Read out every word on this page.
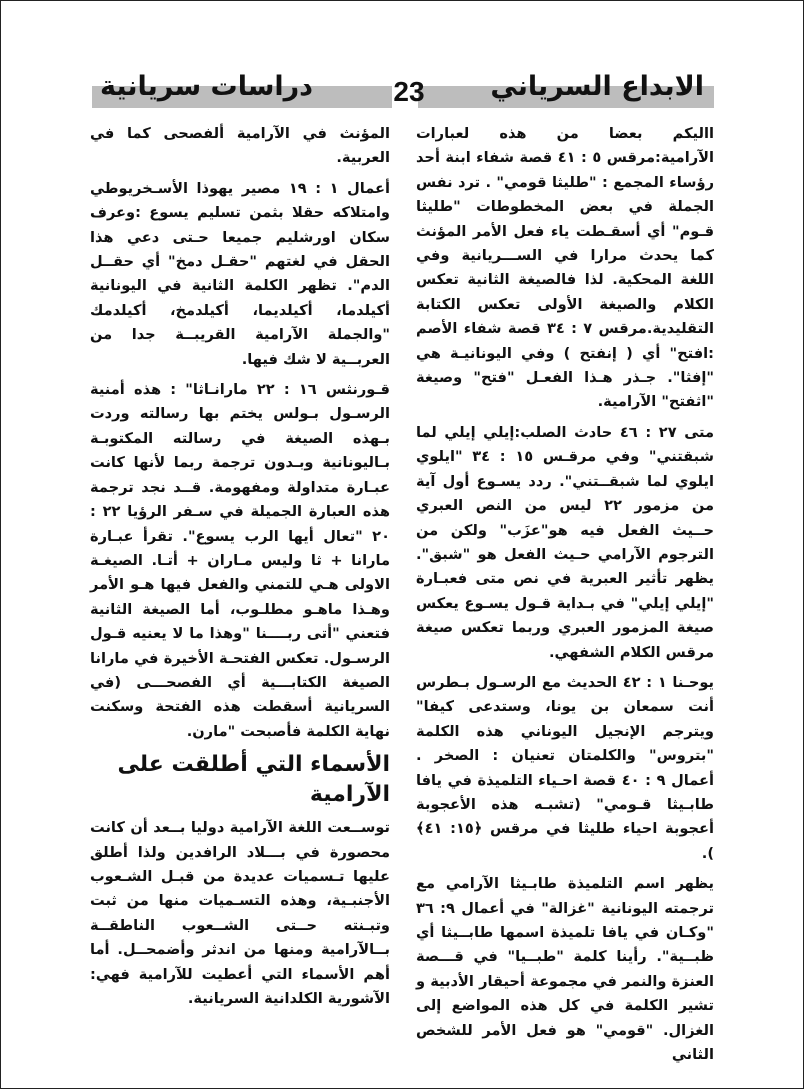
دراسات سريانية	23 الابداع السرياني

االيكم بعضا من هذه لعبارات الآرامية:مرقس ٥ : ٤١ قصة شفاء ابنة أحد رؤساء المجمع : "طليثا قومي" . ترد نفس الجملة في بعض المخطوطات "طليثا قـوم" أي أسقـطت ياء فعل الأمر المؤنث كما يحدث مرارا في الســـريانية وفي اللغة المحكية. لذا فالصيغة الثانية تعكس الكلام والصيغة الأولى تعكس الكتابة التقليدية.مرقس ٧ : ٣٤ قصة شفاء الأصم :افتح" أي ( إنفتح ) وفي اليونانيـة هي "إفثا". جـذر هـذا الفعـل "فتح" وصيغة "اثفتح" الآرامية.

متى ٢٧ : ٤٦ حادث الصلب:إيلي إيلي لما شبقتني" وفي مرقـس ١٥ : ٣٤ "ايلوي ايلوي لما شبقــتني". ردد يسـوع أول آية من مزمور ٢٢ ليس من النص العبري حــيث الفعل فيه هو"عزَب" ولكن من الترجوم الآرامي حـيث الفعل هو "شبق". يظهر تأثير العبرية في نص متى فعبـارة "إيلي إيلي" في بـداية قـول يسـوع يعكس صيغة المزمور العبري وربما تعكس صيغة مرقس الكلام الشفهي.

يوحـنا ١ : ٤٢ الحديث مع الرسـول بـطرس أنت سمعان بن يونا، وستدعى كيفا" ويترجم الإنجيل اليوناني هذه الكلمة "بتروس" والكلمتان تعنيان : الصخر . أعمال ٩ : ٤٠ قصة احـياء التلميذة في يافا طابـيثا قـومي" (تشبـه هذه الأعجوبة أعجوبة احياء طليثا في مرقس ﴿١٥: ٤١﴾ ).

يظهر اسم التلميذة طابـيثا الآرامي مع ترجمته اليونانية "غزالة" في أعمال ٩: ٣٦ "وكـان في يافا تلميذة اسمها طابــيثا أي ظبــية". رأينا كلمة "طبــيا" في قـــصة العنزة والنمر في مجموعة أحيقار الأدبية و تشير الكلمة في كل هذه المواضع إلى الغزال. "قومي" هو فعل الأمر للشخص الثاني

المؤنث في الآرامية ألفصحى كما في العربية.

أعمال ١ : ١٩ مصير يهوذا الأسـخريوطي وامتلاكه حقلا بثمن تسليم يسوع :وعرف سكان اورشليم جميعا حـتى دعي هذا الحقل في لغتهم "حقـل دمخ" أي حقــل الدم". تظهر الكلمة الثانية في اليونانية أكيلدما، أكيلديما، أكيلدمخ، أكيلدمك "والجملة الآرامية القريبــة جدا من العربــية لا شك فيها.

قـورنثس ١٦ : ٢٢ مارانـاثا" : هذه أمنية الرسـول بـولس يختم بها رسالته وردت بـهذه الصيغة في رسالته المكتوبـة بـاليونانية وبـدون ترجمة ربما لأنها كانت عبـارة متداولة ومفهومة. قــد نجد ترجمة هذه العبارة الجميلة في سـفر الرؤيا ٢٢ : ٢٠ "تعال أيها الرب يسوع". تقرأ عبـارة مارانا + ثا وليس مـاران + أتـا. الصيغـة الاولى هـي للتمني والفعل فيها هـو الأمر وهـذا ماهـو مطلـوب، أما الصيغة الثانية فتعني "أتى ربــــنا "وهذا ما لا يعنيه قـول الرسـول. تعكس الفتحـة الأخيرة في مارانا الصيغة الكتابـــية أي الفصحـــى (في السريانية أسقطت هذه الفتحة وسكنت نهاية الكلمة فأصبحت "مارن.

الأسماء التي أطلقت على الآرامية

توســعت اللغة الآرامية دوليا بــعد أن كانت محصورة في بـــلاد الرافدين ولذا أطلق عليها تـسميات عديدة من قبـل الشـعوب الأجنبـية، وهذه التسـميات منها من ثبت وتبـنته حــتى الشــعوب الناطقــة بــالآرامية ومنها من اندثر وأضمحــل. أما أهم الأسماء التي أعطيت للآرامية فهي: الآشورية الكلدانية السريانية.
